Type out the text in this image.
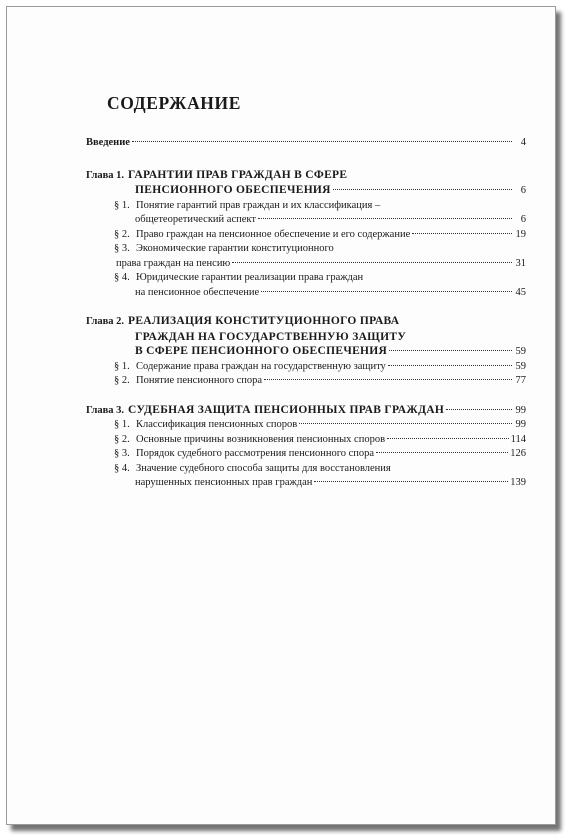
СОДЕРЖАНИЕ
Введение	4
Глава 1. ГАРАНТИИ ПРАВ ГРАЖДАН В СФЕРЕ
ПЕНСИОННОГО ОБЕСПЕЧЕНИЯ	6
§ 1. Понятие гарантий прав граждан и их классификация –
общетеоретический аспект	6
§ 2. Право граждан на пенсионное обеспечение и его содержание	19
§ 3. Экономические гарантии конституционного
права граждан на пенсию	31
§ 4. Юридические гарантии реализации права граждан
на пенсионное обеспечение	45
Глава 2. РЕАЛИЗАЦИЯ КОНСТИТУЦИОННОГО ПРАВА
ГРАЖДАН НА ГОСУДАРСТВЕННУЮ ЗАЩИТУ
В СФЕРЕ ПЕНСИОННОГО ОБЕСПЕЧЕНИЯ	59
§ 1. Содержание права граждан на государственную защиту	59
§ 2. Понятие пенсионного спора	77
Глава 3. СУДЕБНАЯ ЗАЩИТА ПЕНСИОННЫХ ПРАВ ГРАЖДАН	99
§ 1. Классификация пенсионных споров	99
§ 2. Основные причины возникновения пенсионных споров	114
§ 3. Порядок судебного рассмотрения пенсионного спора	126
§ 4. Значение судебного способа защиты для восстановления
нарушенных пенсионных прав граждан	139
